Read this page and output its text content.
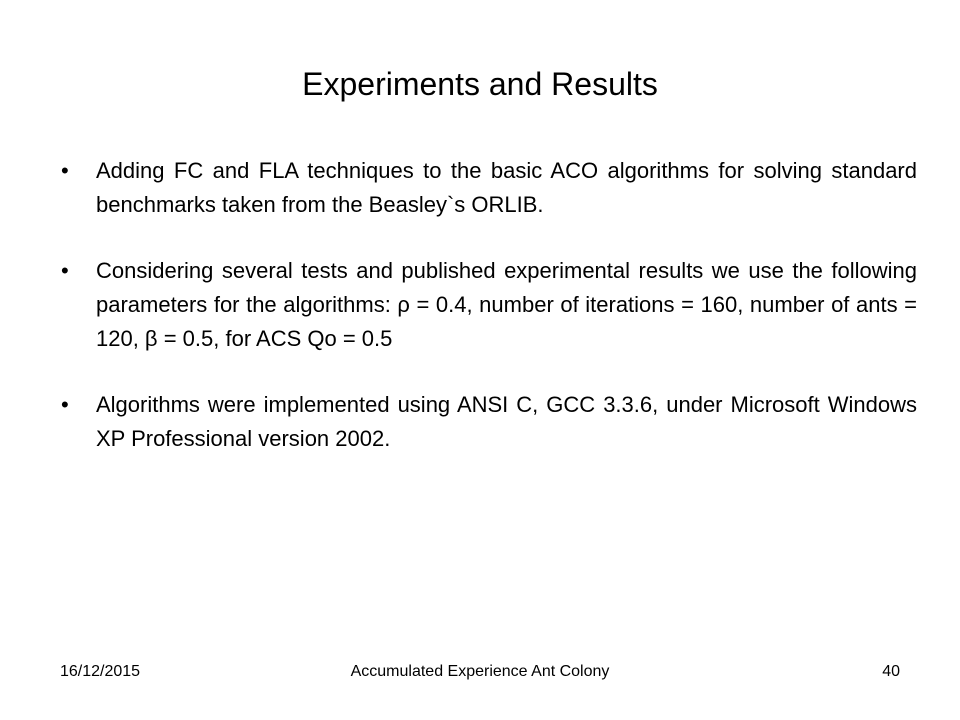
Experiments and Results
•	Adding FC and FLA techniques to the basic ACO algorithms for solving standard benchmarks taken from the Beasley`s ORLIB.
•	Considering several tests and published experimental results we use the following parameters for the algorithms: ρ = 0.4, number of iterations = 160, number of ants = 120, β = 0.5, for ACS Qo = 0.5
•	Algorithms were implemented using ANSI C, GCC 3.3.6, under Microsoft Windows XP Professional version 2002.
16/12/2015	Accumulated Experience Ant Colony	40
